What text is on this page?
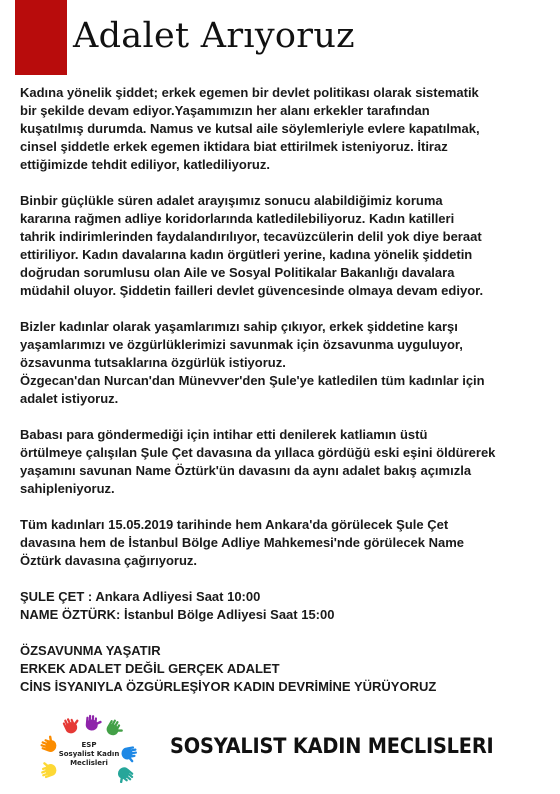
Adalet Arıyoruz

Kadına yönelik şiddet; erkek egemen bir devlet politikası olarak sistematik
bir şekilde devam ediyor.Yaşamımızın her alanı erkekler tarafından
kuşatılmış durumda. Namus ve kutsal aile söylemleriyle evlere kapatılmak,
cinsel şiddetle erkek egemen iktidara biat ettirilmek isteniyoruz. İtiraz
ettiğimizde tehdit ediliyor, katlediliyoruz.

Binbir güçlükle süren adalet arayışımız sonucu alabildiğimiz koruma
kararına rağmen adliye koridorlarında katledilebiliyoruz. Kadın katilleri
tahrik indirimlerinden faydalandırılıyor, tecavüzcülerin delil yok diye beraat
ettiriliyor. Kadın davalarına kadın örgütleri yerine, kadına yönelik şiddetin
doğrudan sorumlusu olan Aile ve Sosyal Politikalar Bakanlığı davalara
müdahil oluyor. Şiddetin failleri devlet güvencesinde olmaya devam ediyor.

Bizler kadınlar olarak yaşamlarımızı sahip çıkıyor, erkek şiddetine karşı
yaşamlarımızı ve özgürlüklerimizi savunmak için özsavunma uyguluyor,
özsavunma tutsaklarına özgürlük istiyoruz.
Özgecan'dan Nurcan'dan Münevver'den Şule'ye katledilen tüm kadınlar için
adalet istiyoruz.

Babası para göndermediği için intihar etti denilerek katliamın üstü
örtülmeye çalışılan Şule Çet davasına da yıllaca gördüğü eski eşini öldürerek
yaşamını savunan Name Öztürk'ün davasını da aynı adalet bakış açımızla
sahipleniyoruz.

Tüm kadınları 15.05.2019 tarihinde hem Ankara'da görülecek Şule Çet
davasına hem de İstanbul Bölge Adliye Mahkemesi'nde görülecek Name
Öztürk davasına çağırıyoruz.

ŞULE ÇET : Ankara Adliyesi Saat 10:00
NAME ÖZTÜRK: İstanbul Bölge Adliyesi Saat 15:00
ÖZSAVUNMA YAŞATIR
ERKEK ADALET DEĞİL GERÇEK ADALET
CİNS İSYANIYLA ÖZGÜRLEŞİYOR KADIN DEVRİMİNE YÜRÜYORUZ
ESP
Sosyalist Kadın
Meclisleri
SOSYALIST KADIN MECLISLERI
